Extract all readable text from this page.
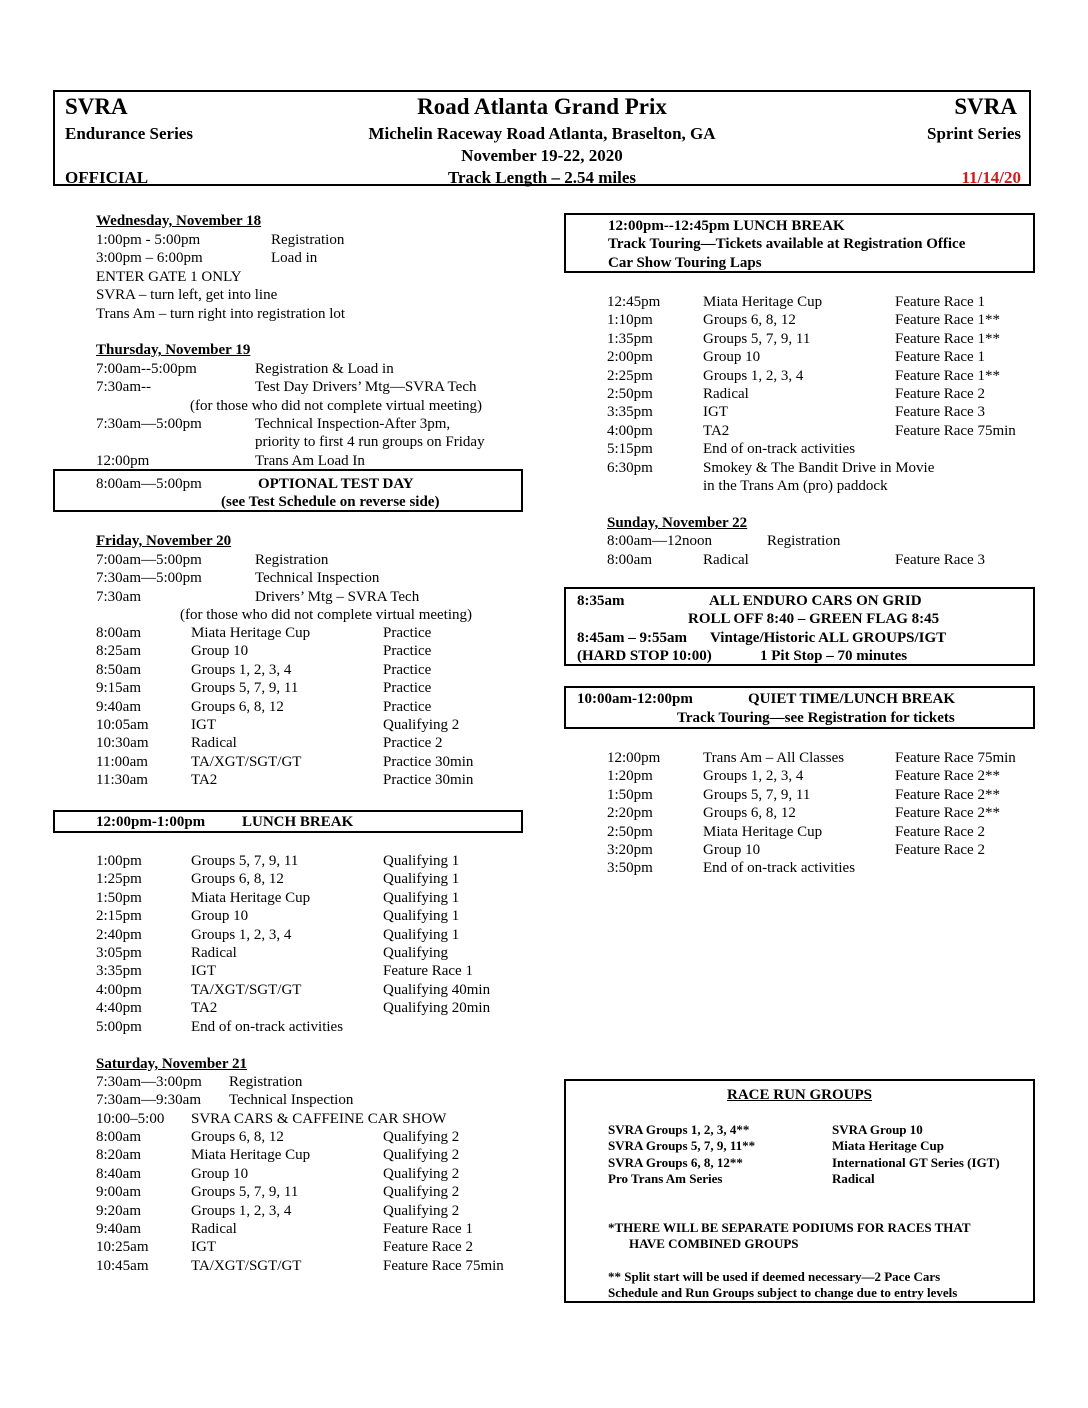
SVRA
Endurance Series
OFFICIAL
Road Atlanta Grand Prix
Michelin Raceway Road Atlanta, Braselton, GA
November 19-22, 2020
Track Length – 2.54 miles
SVRA
Sprint Series
11/14/20
Wednesday, November 18
1:00pm - 5:00pm	Registration
3:00pm – 6:00pm	Load in
ENTER GATE 1 ONLY
SVRA – turn left, get into line
Trans Am – turn right into registration lot
Thursday, November 19
7:00am--5:00pm	Registration & Load in
7:30am--	Test Day Drivers’ Mtg—SVRA Tech
(for those who did not complete virtual meeting)
7:30am—5:00pm	Technical Inspection-After 3pm,
priority to first 4 run groups on Friday
12:00pm	Trans Am Load In
8:00am—5:00pm	OPTIONAL TEST DAY
(see Test Schedule on reverse side)
Friday, November 20
7:00am—5:00pm	Registration
7:30am—5:00pm	Technical Inspection
7:30am	Drivers’ Mtg – SVRA Tech
(for those who did not complete virtual meeting)
8:00am	Miata Heritage Cup	Practice
8:25am	Group 10	Practice
8:50am	Groups 1, 2, 3, 4	Practice
9:15am	Groups 5, 7, 9, 11	Practice
9:40am	Groups 6, 8, 12	Practice
10:05am	IGT	Qualifying 2
10:30am	Radical	Practice 2
11:00am	TA/XGT/SGT/GT	Practice 30min
11:30am	TA2	Practice 30min
12:00pm-1:00pm LUNCH BREAK
1:00pm	Groups 5, 7, 9, 11	Qualifying 1
1:25pm	Groups 6, 8, 12	Qualifying 1
1:50pm	Miata Heritage Cup	Qualifying 1
2:15pm	Group 10	Qualifying 1
2:40pm	Groups 1, 2, 3, 4	Qualifying 1
3:05pm	Radical	Qualifying
3:35pm	IGT	Feature Race 1
4:00pm	TA/XGT/SGT/GT	Qualifying 40min
4:40pm	TA2	Qualifying 20min
5:00pm	End of on-track activities
Saturday, November 21
7:30am—3:00pm Registration
7:30am—9:30am Technical Inspection
10:00–5:00 SVRA CARS & CAFFEINE CAR SHOW
8:00am	Groups 6, 8, 12	Qualifying 2
8:20am	Miata Heritage Cup	Qualifying 2
8:40am	Group 10	Qualifying 2
9:00am	Groups 5, 7, 9, 11	Qualifying 2
9:20am	Groups 1, 2, 3, 4	Qualifying 2
9:40am	Radical	Feature Race 1
10:25am	IGT	Feature Race 2
10:45am	TA/XGT/SGT/GT	Feature Race 75min
12:00pm--12:45pm LUNCH BREAK
Track Touring—Tickets available at Registration Office
Car Show Touring Laps
12:45pm	Miata Heritage Cup	Feature Race 1
1:10pm	Groups 6, 8, 12	Feature Race 1**
1:35pm	Groups 5, 7, 9, 11	Feature Race 1**
2:00pm	Group 10	Feature Race 1
2:25pm	Groups 1, 2, 3, 4	Feature Race 1**
2:50pm	Radical	Feature Race 2
3:35pm	IGT	Feature Race 3
4:00pm	TA2	Feature Race 75min
5:15pm	End of on-track activities
6:30pm	Smokey & The Bandit Drive in Movie
in the Trans Am (pro) paddock
Sunday, November 22
8:00am—12noon	Registration
8:00am	Radical	Feature Race 3
8:35am	ALL ENDURO CARS ON GRID
ROLL OFF 8:40 – GREEN FLAG 8:45
8:45am – 9:55am Vintage/Historic ALL GROUPS/IGT
(HARD STOP 10:00)	1 Pit Stop – 70 minutes
10:00am-12:00pm	QUIET TIME/LUNCH BREAK
Track Touring—see Registration for tickets
12:00pm	Trans Am – All Classes	Feature Race 75min
1:20pm	Groups 1, 2, 3, 4	Feature Race 2**
1:50pm	Groups 5, 7, 9, 11	Feature Race 2**
2:20pm	Groups 6, 8, 12	Feature Race 2**
2:50pm	Miata Heritage Cup	Feature Race 2
3:20pm	Group 10	Feature Race 2
3:50pm	End of on-track activities
RACE RUN GROUPS
SVRA Groups 1, 2, 3, 4**
SVRA Groups 5, 7, 9, 11**
SVRA Groups 6, 8, 12**
Pro Trans Am Series
SVRA Group 10
Miata Heritage Cup
International GT Series (IGT)
Radical
*THERE WILL BE SEPARATE PODIUMS FOR RACES THAT
HAVE COMBINED GROUPS
** Split start will be used if deemed necessary—2 Pace Cars
Schedule and Run Groups subject to change due to entry levels
